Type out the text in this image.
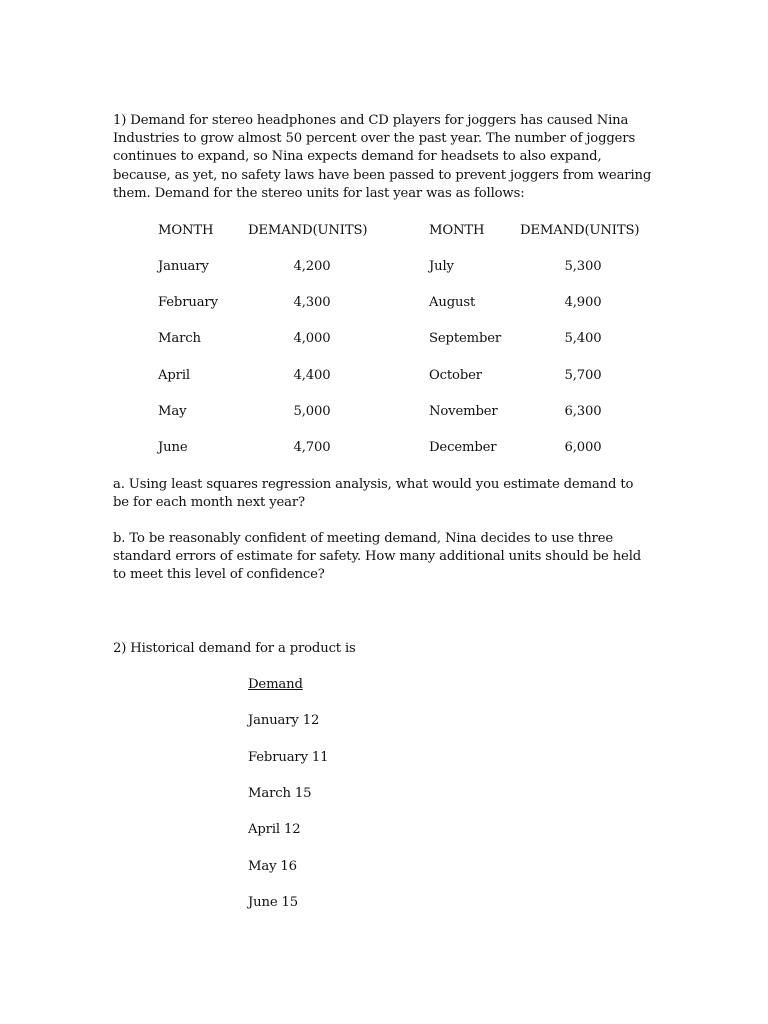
1) Demand for stereo headphones and CD players for joggers has caused Nina Industries to grow almost 50 percent over the past year. The number of joggers continues to expand, so Nina expects demand for headsets to also expand, because, as yet, no safety laws have been passed to prevent joggers from wearing them. Demand for the stereo units for last year was as follows:

MONTH	DEMAND(UNITS)	MONTH	DEMAND(UNITS)
January	4,200	July	5,300
February	4,300	August	4,900
March	4,000	September	5,400
April	4,400	October	5,700
May	5,000	November	6,300
June	4,700	December	6,000

a. Using least squares regression analysis, what would you estimate demand to be for each month next year?

b. To be reasonably confident of meeting demand, Nina decides to use three standard errors of estimate for safety. How many additional units should be held to meet this level of confidence?

2) Historical demand for a product is

Demand
January 12
February 11
March 15
April 12
May 16
June 15
